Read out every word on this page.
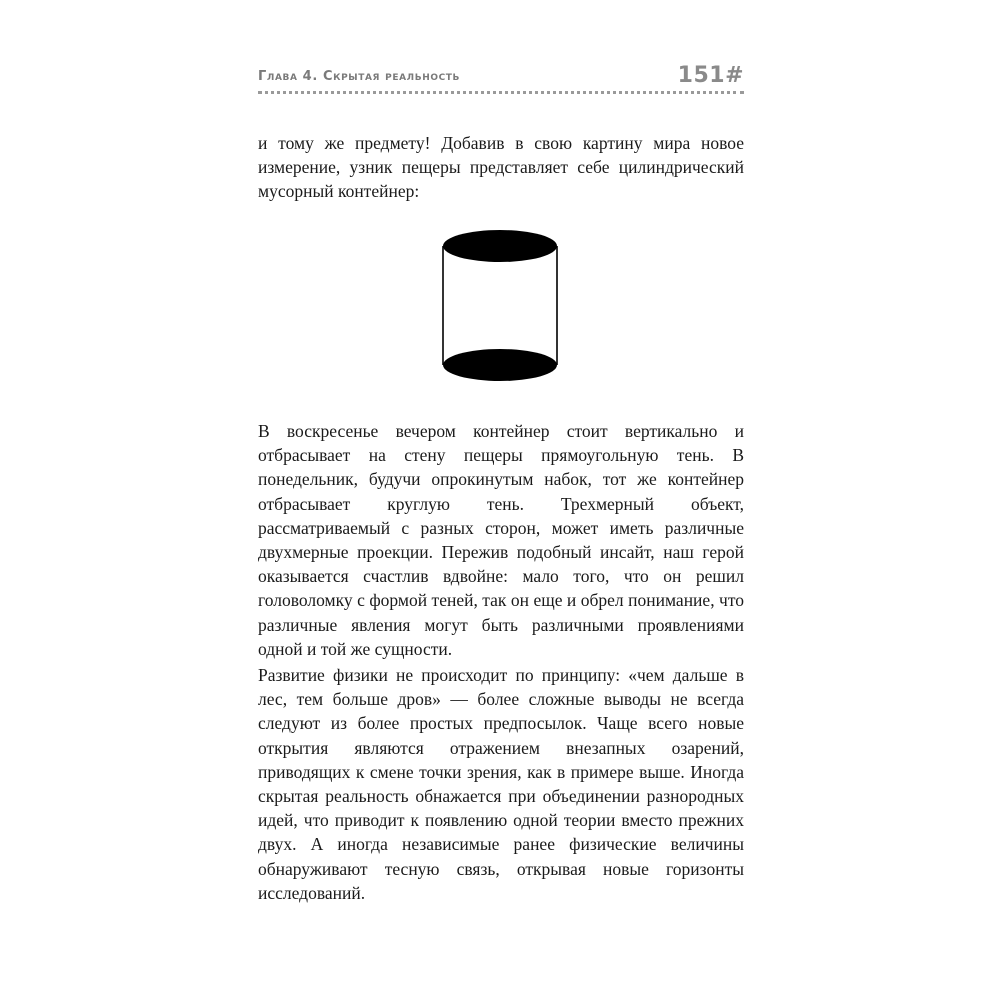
Глава 4. Скрытая реальность	151#

и тому же предмету! Добавив в свою картину мира новое измерение, узник пещеры представляет себе цилиндрический мусорный контейнер:

В воскресенье вечером контейнер стоит вертикально и отбрасывает на стену пещеры прямоугольную тень. В понедельник, будучи опрокинутым набок, тот же контейнер отбрасывает круглую тень. Трехмерный объект, рассматриваемый с разных сторон, может иметь различные двухмерные проекции. Пережив подобный инсайт, наш герой оказывается счастлив вдвойне: мало того, что он решил головоломку с формой теней, так он еще и обрел понимание, что различные явления могут быть различными проявлениями одной и той же сущности.

Развитие физики не происходит по принципу: «чем дальше в лес, тем больше дров» — более сложные выводы не всегда следуют из более простых предпосылок. Чаще всего новые открытия являются отражением внезапных озарений, приводящих к смене точки зрения, как в примере выше. Иногда скрытая реальность обнажается при объединении разнородных идей, что приводит к появлению одной теории вместо прежних двух. А иногда независимые ранее физические величины обнаруживают тесную связь, открывая новые горизонты исследований.
